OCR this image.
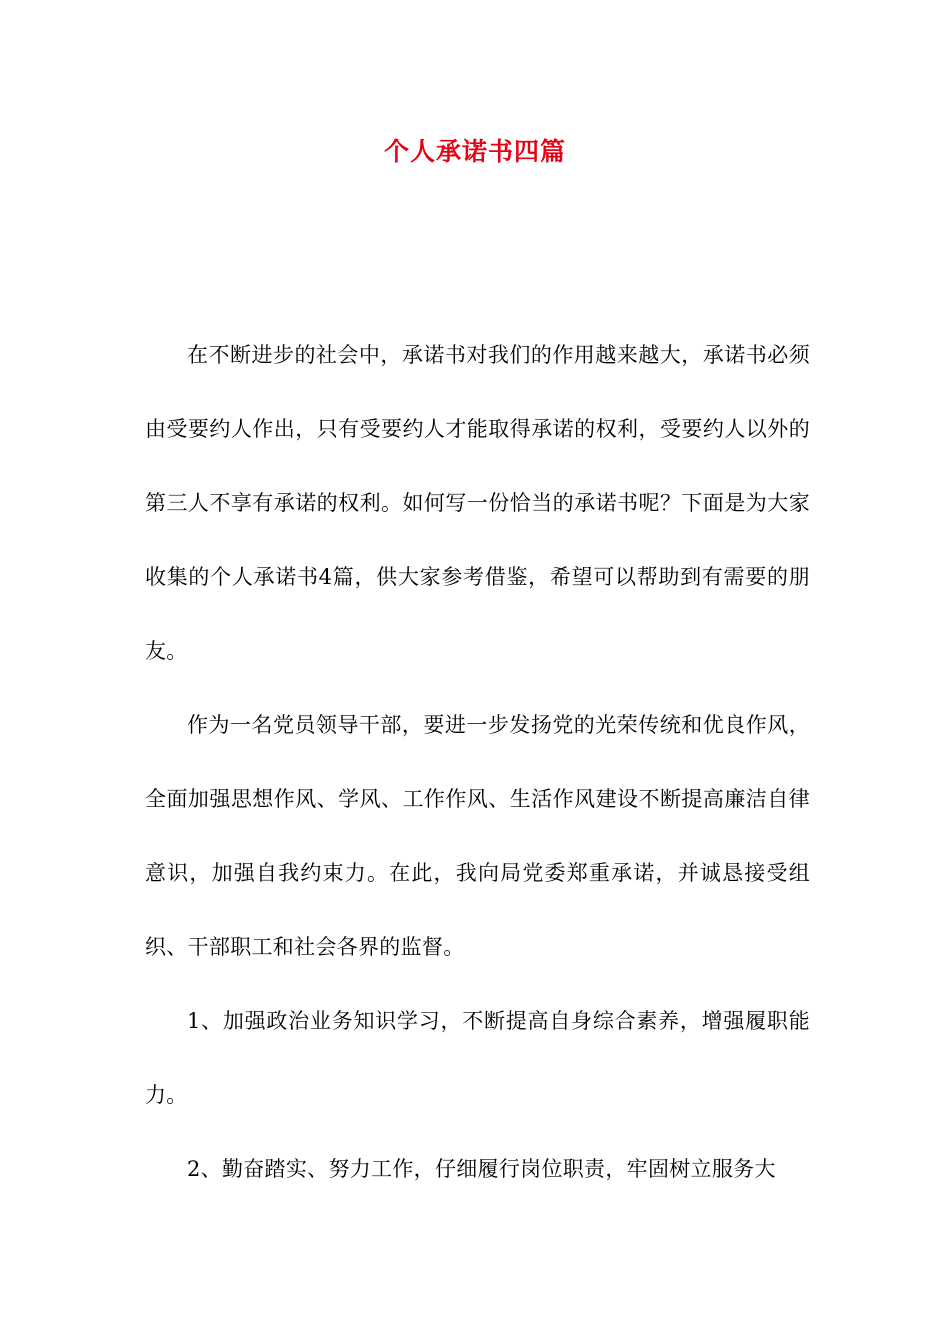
个人承诺书四篇

在不断进步的社会中，承诺书对我们的作用越来越大，承诺书必须由受要约人作出，只有受要约人才能取得承诺的权利，受要约人以外的第三人不享有承诺的权利。如何写一份恰当的承诺书呢？下面是为大家收集的个人承诺书4篇，供大家参考借鉴，希望可以帮助到有需要的朋友。

作为一名党员领导干部，要进一步发扬党的光荣传统和优良作风，全面加强思想作风、学风、工作作风、生活作风建设不断提高廉洁自律意识，加强自我约束力。在此，我向局党委郑重承诺，并诚恳接受组织、干部职工和社会各界的监督。

1、加强政治业务知识学习，不断提高自身综合素养，增强履职能力。

2、勤奋踏实、努力工作，仔细履行岗位职责，牢固树立服务大
